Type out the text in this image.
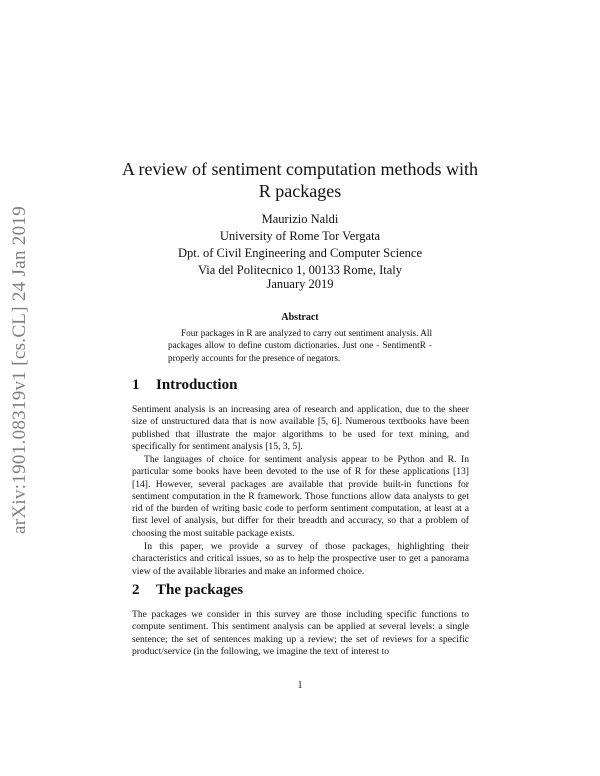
arXiv:1901.08319v1 [cs.CL] 24 Jan 2019
A review of sentiment computation methods with R packages
Maurizio Naldi
University of Rome Tor Vergata
Dpt. of Civil Engineering and Computer Science
Via del Politecnico 1, 00133 Rome, Italy
January 2019
Abstract

Four packages in R are analyzed to carry out sentiment analysis. All packages allow to define custom dictionaries. Just one - SentimentR - properly accounts for the presence of negators.

1 Introduction

Sentiment analysis is an increasing area of research and application, due to the sheer size of unstructured data that is now available [5, 6]. Numerous textbooks have been published that illustrate the major algorithms to be used for text mining, and specifically for sentiment analysis [15, 3, 5].

The languages of choice for sentiment analysis appear to be Python and R. In particular some books have been devoted to the use of R for these applications [13] [14]. However, several packages are available that provide built-in functions for sentiment computation in the R framework. Those functions allow data analysts to get rid of the burden of writing basic code to perform sentiment computation, at least at a first level of analysis, but differ for their breadth and accuracy, so that a problem of choosing the most suitable package exists.

In this paper, we provide a survey of those packages, highlighting their characteristics and critical issues, so as to help the prospective user to get a panorama view of the available libraries and make an informed choice.

2 The packages

The packages we consider in this survey are those including specific functions to compute sentiment. This sentiment analysis can be applied at several levels: a single sentence; the set of sentences making up a review; the set of reviews for a specific product/service (in the following, we imagine the text of interest to

1
